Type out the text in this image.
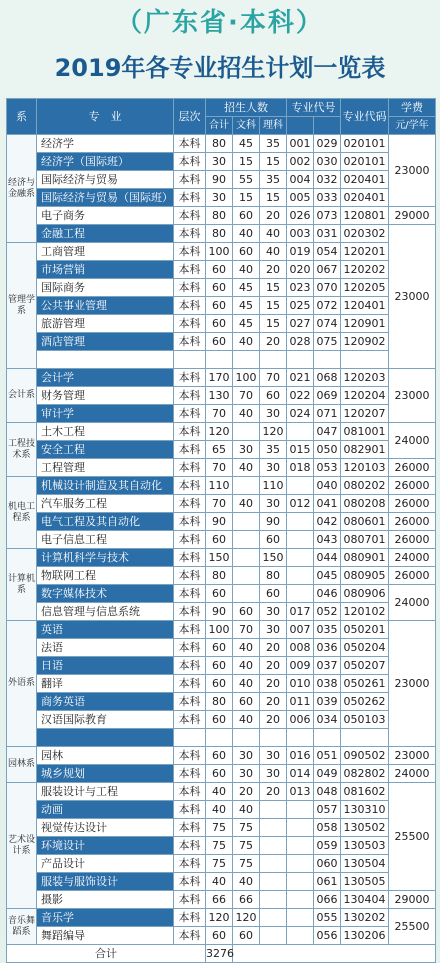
（广东省·本科）
2019年各专业招生计划一览表
系	专　业	层次	招生人数			专业代号		专业代码	学费
			合计	文科	理科				元/学年
经济与金融系	经济学	本科	80	45	35	001	029	020101	23000
	经济学（国际班）	本科	30	15	15	002	030	020101	
	国际经济与贸易	本科	90	55	35	004	032	020401	
	国际经济与贸易（国际班）	本科	30	15	15	005	033	020401	
	电子商务	本科	80	60	20	026	073	120801	29000
	金融工程	本科	80	40	40	003	031	020302	23000
管理学系	工商管理	本科	100	60	40	019	054	120201	
	市场营销	本科	60	40	20	020	067	120202	
	国际商务	本科	60	45	15	023	070	120205	
	公共事业管理	本科	60	45	15	025	072	120401	
	旅游管理	本科	60	45	15	027	074	120901	
	酒店管理	本科	60	40	20	028	075	120902	

会计系	会计学	本科	170	100	70	021	068	120203	23000
	财务管理	本科	130	70	60	022	069	120204	
	审计学	本科	70	40	30	024	071	120207	
工程技术系	土木工程	本科	120		120		047	081001	24000
	安全工程	本科	65	30	35	015	050	082901	
	工程管理	本科	70	40	30	018	053	120103	26000
机电工程系	机械设计制造及其自动化	本科	110		110		040	080202	26000
	汽车服务工程	本科	70	40	30	012	041	080208	26000
	电气工程及其自动化	本科	90		90		042	080601	26000
	电子信息工程	本科	60		60		043	080701	26000
计算机系	计算机科学与技术	本科	150		150		044	080901	24000
	物联网工程	本科	80		80		045	080905	26000
	数字媒体技术	本科	60		60		046	080906	24000
	信息管理与信息系统	本科	90	60	30	017	052	120102	
外语系	英语	本科	100	70	30	007	035	050201	23000
	法语	本科	60	40	20	008	036	050204	
	日语	本科	60	40	20	009	037	050207	
	翻译	本科	60	40	20	010	038	050261	
	商务英语	本科	80	60	20	011	039	050262	
	汉语国际教育	本科	60	40	20	006	034	050103	

园林系	园林	本科	60	30	30	016	051	090502	23000
	城乡规划	本科	60	30	30	014	049	082802	24000
艺术设计系	服装设计与工程	本科	40	20	20	013	048	081602	25500
	动画	本科	40	40			057	130310	
	视觉传达设计	本科	75	75			058	130502	
	环境设计	本科	75	75			059	130503	
	产品设计	本科	75	75			060	130504	
	服装与服饰设计	本科	40	40			061	130505	
	摄影	本科	66	66			066	130404	29000
音乐舞蹈系	音乐学	本科	120	120			055	130202	25500
	舞蹈编导	本科	60	60			056	130206	
合计			3276						
